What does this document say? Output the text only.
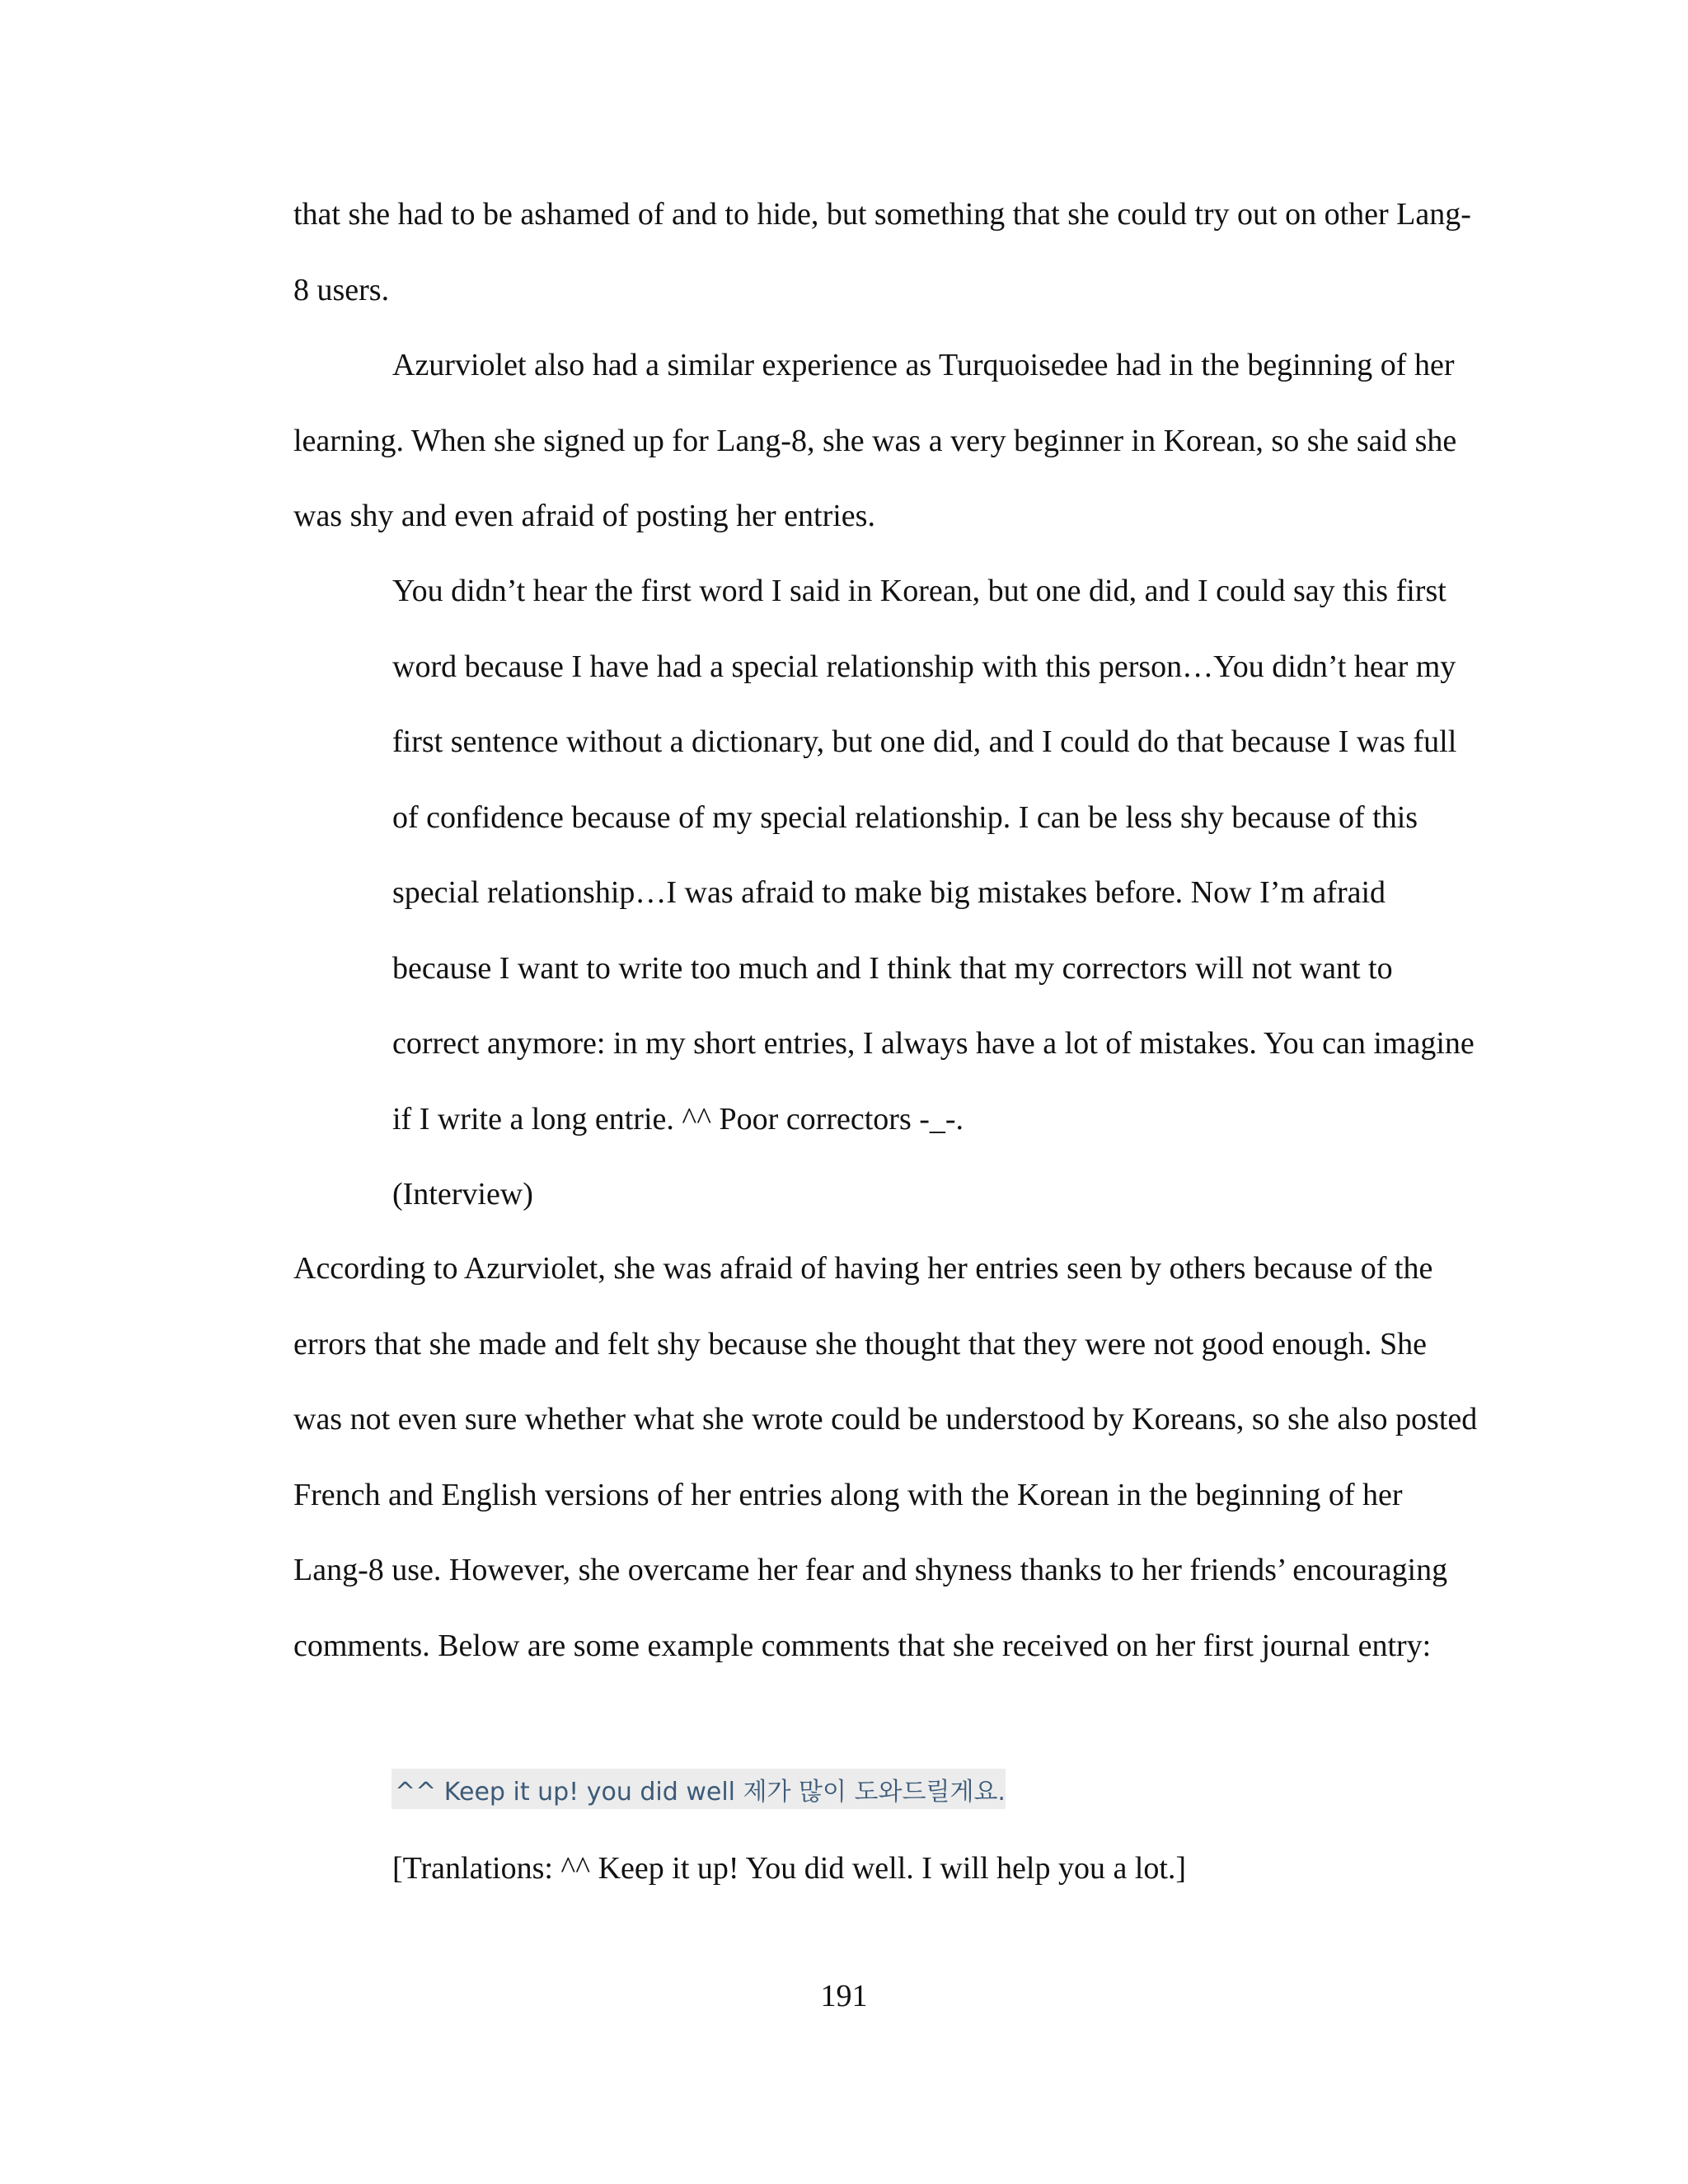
that she had to be ashamed of and to hide, but something that she could try out on other Lang-8 users.

Azurviolet also had a similar experience as Turquoisedee had in the beginning of her learning. When she signed up for Lang-8, she was a very beginner in Korean, so she said she was shy and even afraid of posting her entries.

You didn’t hear the first word I said in Korean, but one did, and I could say this first word because I have had a special relationship with this person…You didn’t hear my first sentence without a dictionary, but one did, and I could do that because I was full of confidence because of my special relationship. I can be less shy because of this special relationship…I was afraid to make big mistakes before. Now I’m afraid because I want to write too much and I think that my correctors will not want to correct anymore: in my short entries, I always have a lot of mistakes. You can imagine if I write a long entrie. ^^ Poor correctors -_-.
(Interview)

According to Azurviolet, she was afraid of having her entries seen by others because of the errors that she made and felt shy because she thought that they were not good enough. She was not even sure whether what she wrote could be understood by Koreans, so she also posted French and English versions of her entries along with the Korean in the beginning of her Lang-8 use. However, she overcame her fear and shyness thanks to her friends’ encouraging comments. Below are some example comments that she received on her first journal entry:

^^ Keep it up! you did well 제가 많이 도와드릴게요.

[Tranlations: ^^ Keep it up! You did well. I will help you a lot.]

191
